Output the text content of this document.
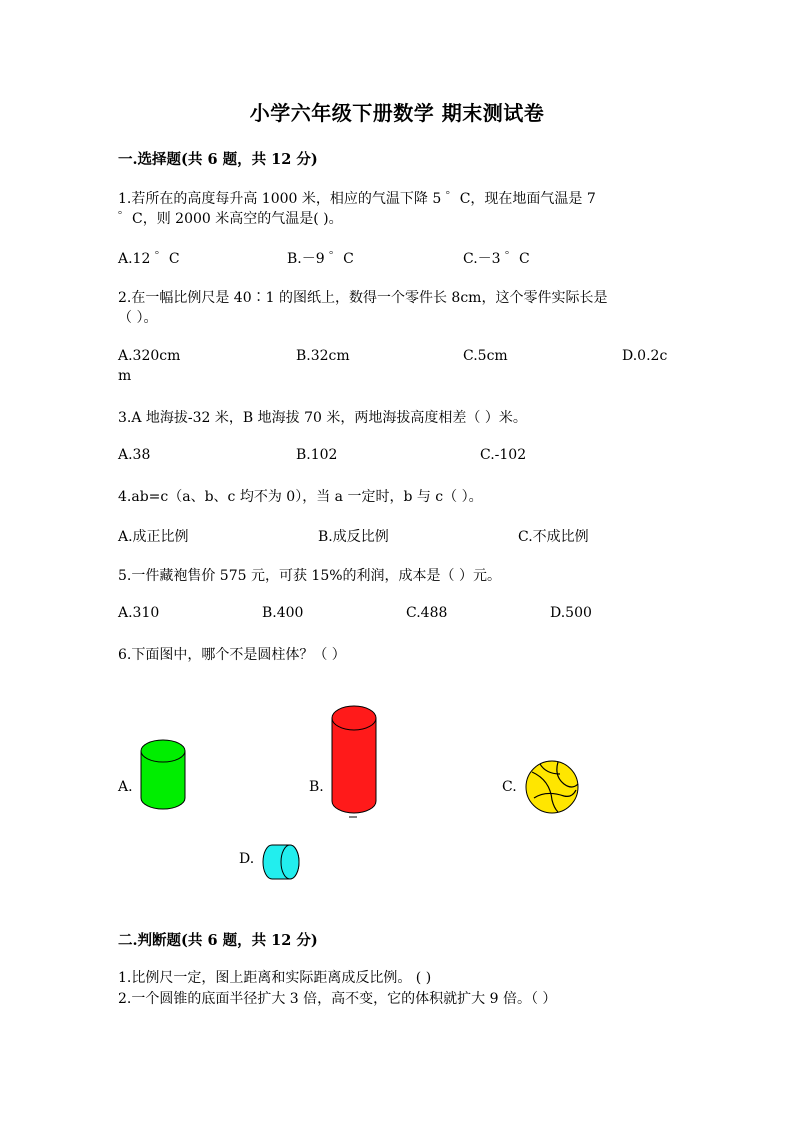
小学六年级下册数学 期末测试卷
一.选择题(共 6 题，共 12 分)
1.若所在的高度每升高 1000 米，相应的气温下降 5 ゜C，现在地面气温是 7
゜C，则 2000 米高空的气温是( )。
A.12 ゜C	B.－9 ゜C	C.－3 ゜C
2.在一幅比例尺是 40∶1 的图纸上，数得一个零件长 8cm，这个零件实际长是
（ ）。
A.320cm	B.32cm	C.5cm	D.0.2c
m
3.A 地海拔-32 米，B 地海拔 70 米，两地海拔高度相差（ ）米。
A.38	B.102	C.-102
4.ab=c（a、b、c 均不为 0），当 a 一定时，b 与 c（ ）。
A.成正比例	B.成反比例	C.不成比例
5.一件藏袍售价 575 元，可获 15%的利润，成本是（ ）元。
A.310	B.400	C.488	D.500
6.下面图中，哪个不是圆柱体？（ ）
A.	B.	C.
D.
二.判断题(共 6 题，共 12 分)
1.比例尺一定，图上距离和实际距离成反比例。 ( )
2.一个圆锥的底面半径扩大 3 倍，高不变，它的体积就扩大 9 倍。（ ）
